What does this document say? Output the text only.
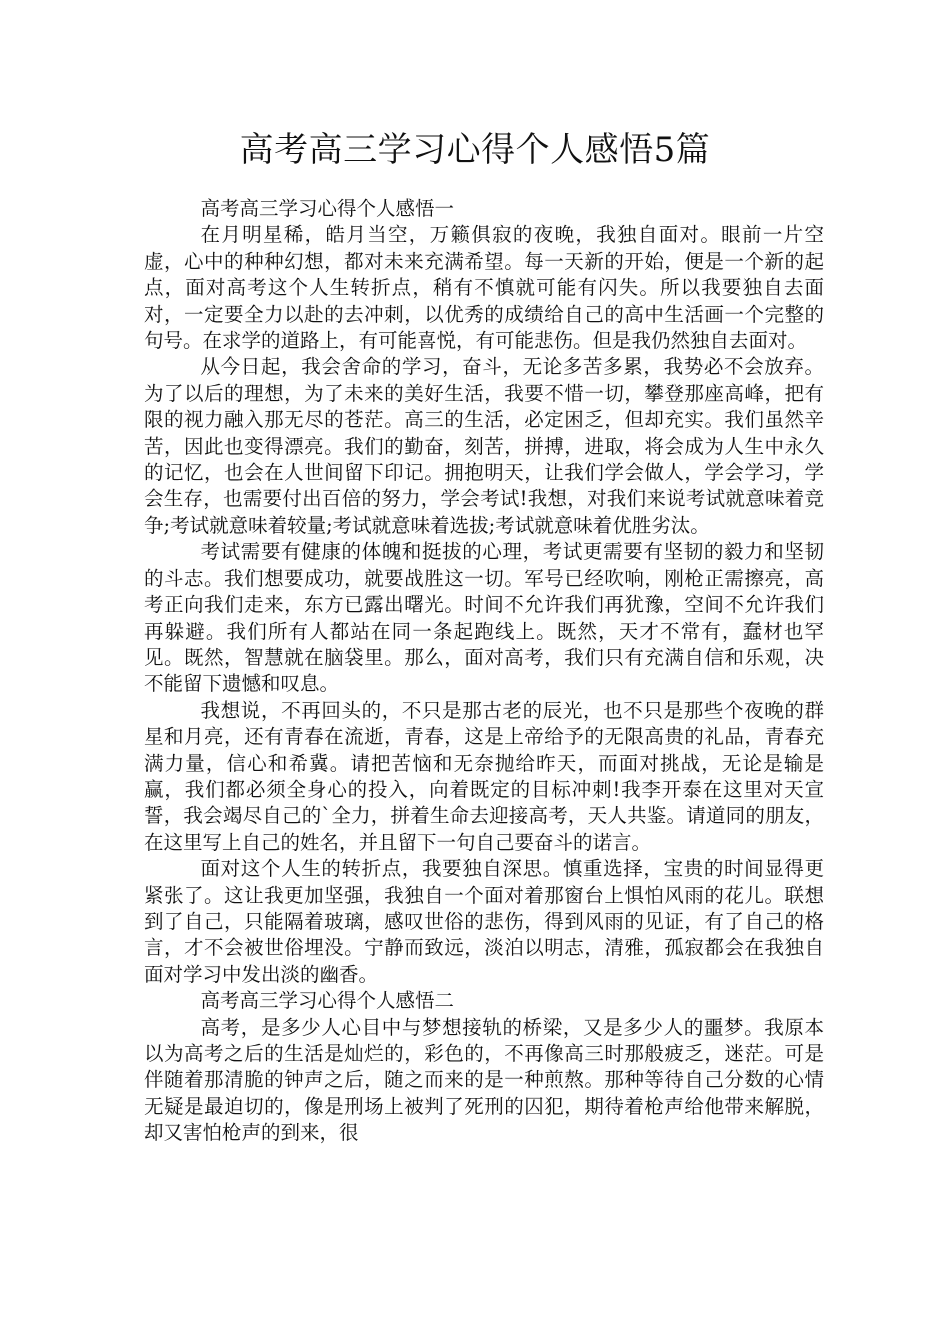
高考高三学习心得个人感悟5篇

高考高三学习心得个人感悟一

在月明星稀，皓月当空，万籁俱寂的夜晚，我独自面对。眼前一片空虚，心中的种种幻想，都对未来充满希望。每一天新的开始，便是一个新的起点，面对高考这个人生转折点，稍有不慎就可能有闪失。所以我要独自去面对，一定要全力以赴的去冲刺，以优秀的成绩给自己的高中生活画一个完整的句号。在求学的道路上，有可能喜悦，有可能悲伤。但是我仍然独自去面对。

从今日起，我会舍命的学习，奋斗，无论多苦多累，我势必不会放弃。为了以后的理想，为了未来的美好生活，我要不惜一切，攀登那座高峰，把有限的视力融入那无尽的苍茫。高三的生活，必定困乏，但却充实。我们虽然辛苦，因此也变得漂亮。我们的勤奋，刻苦，拼搏，进取，将会成为人生中永久的记忆，也会在人世间留下印记。拥抱明天，让我们学会做人，学会学习，学会生存，也需要付出百倍的努力，学会考试!我想，对我们来说考试就意味着竞争;考试就意味着较量;考试就意味着选拔;考试就意味着优胜劣汰。

考试需要有健康的体魄和挺拔的心理，考试更需要有坚韧的毅力和坚韧的斗志。我们想要成功，就要战胜这一切。军号已经吹响，刚枪正需擦亮，高考正向我们走来，东方已露出曙光。时间不允许我们再犹豫，空间不允许我们再躲避。我们所有人都站在同一条起跑线上。既然，天才不常有，蠢材也罕见。既然，智慧就在脑袋里。那么，面对高考，我们只有充满自信和乐观，决不能留下遗憾和叹息。

我想说，不再回头的，不只是那古老的辰光，也不只是那些个夜晚的群星和月亮，还有青春在流逝，青春，这是上帝给予的无限高贵的礼品，青春充满力量，信心和希冀。请把苦恼和无奈抛给昨天，而面对挑战，无论是输是赢，我们都必须全身心的投入，向着既定的目标冲刺!我李开泰在这里对天宣誓，我会竭尽自己的`全力，拼着生命去迎接高考，天人共鉴。请道同的朋友，在这里写上自己的姓名，并且留下一句自己要奋斗的诺言。

面对这个人生的转折点，我要独自深思。慎重选择，宝贵的时间显得更紧张了。这让我更加坚强，我独自一个面对着那窗台上惧怕风雨的花儿。联想到了自己，只能隔着玻璃，感叹世俗的悲伤，得到风雨的见证，有了自己的格言，才不会被世俗埋没。宁静而致远，淡泊以明志，清雅，孤寂都会在我独自面对学习中发出淡的幽香。

高考高三学习心得个人感悟二

高考，是多少人心目中与梦想接轨的桥梁，又是多少人的噩梦。我原本以为高考之后的生活是灿烂的，彩色的，不再像高三时那般疲乏，迷茫。可是伴随着那清脆的钟声之后，随之而来的是一种煎熬。那种等待自己分数的心情无疑是最迫切的，像是刑场上被判了死刑的囚犯，期待着枪声给他带来解脱，却又害怕枪声的到来，很
